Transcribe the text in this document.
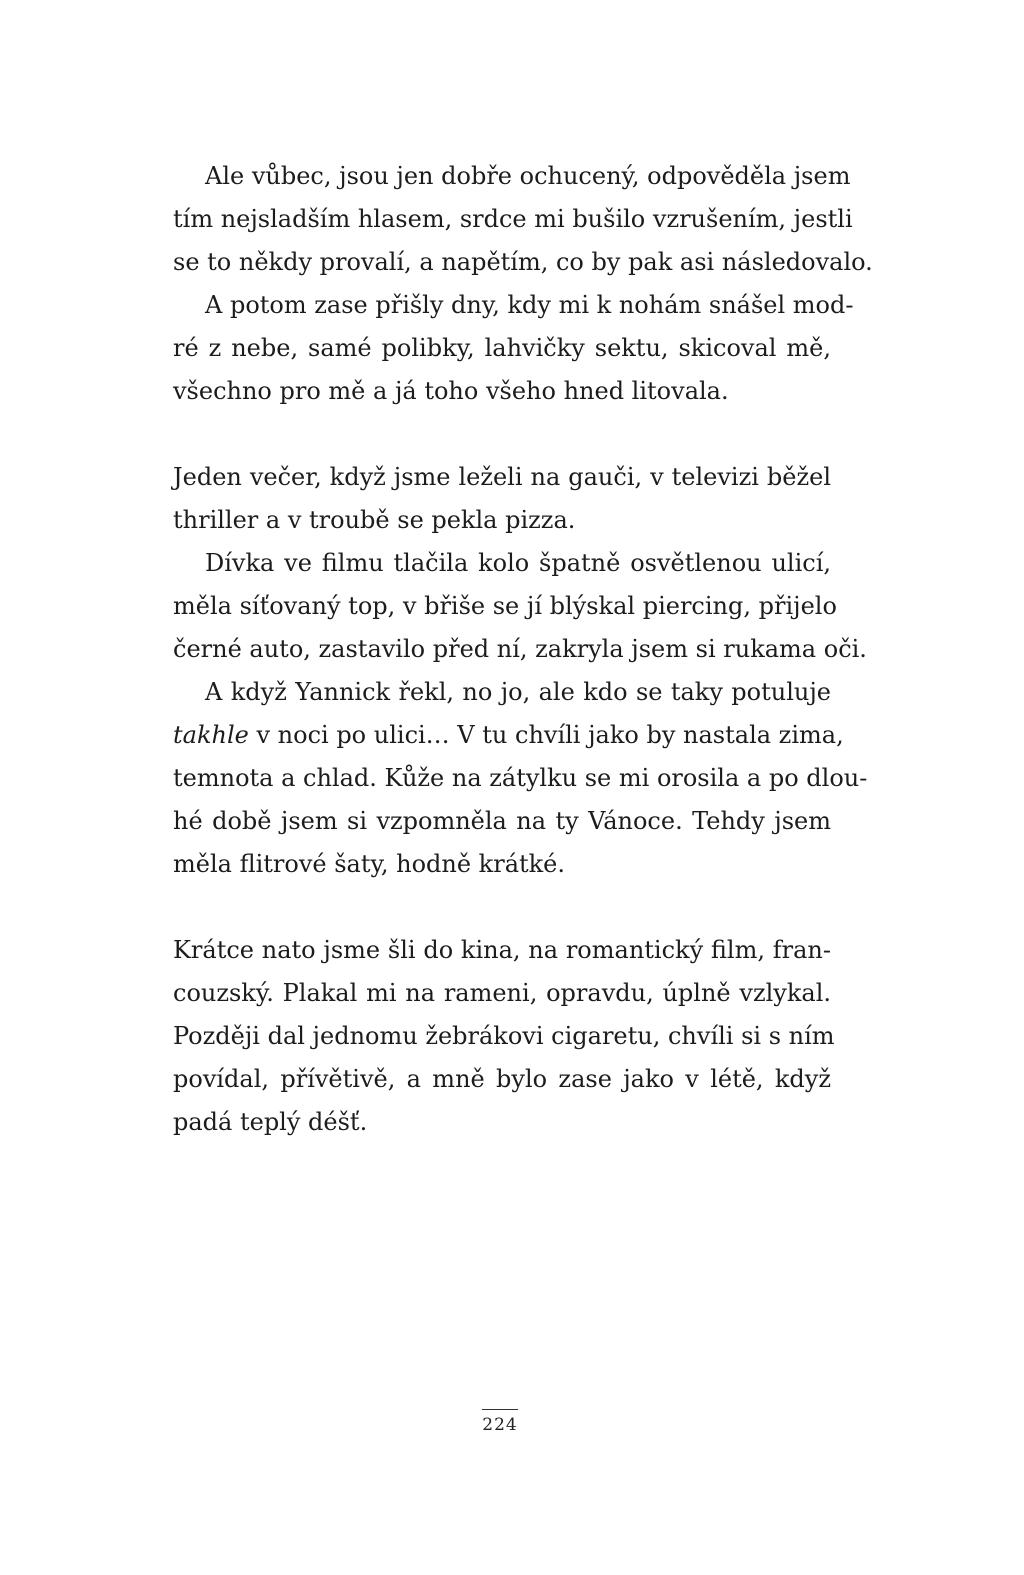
Ale vůbec, jsou jen dobře ochucený, odpověděla jsem
tím nejsladším hlasem, srdce mi bušilo vzrušením, jestli
se to někdy provalí, a napětím, co by pak asi následovalo.
A potom zase přišly dny, kdy mi k nohám snášel mod-
ré z nebe, samé polibky, lahvičky sektu, skicoval mě,
všechno pro mě a já toho všeho hned litovala.
Jeden večer, když jsme leželi na gauči, v televizi běžel
thriller a v troubě se pekla pizza.
Dívka ve filmu tlačila kolo špatně osvětlenou ulicí,
měla síťovaný top, v břiše se jí blýskal piercing, přijelo
černé auto, zastavilo před ní, zakryla jsem si rukama oči.
A když Yannick řekl, no jo, ale kdo se taky potuluje
takhle v noci po ulici… V tu chvíli jako by nastala zima,
temnota a chlad. Kůže na zátylku se mi orosila a po dlou-
hé době jsem si vzpomněla na ty Vánoce. Tehdy jsem
měla flitrové šaty, hodně krátké.
Krátce nato jsme šli do kina, na romantický film, fran-
couzský. Plakal mi na rameni, opravdu, úplně vzlykal.
Později dal jednomu žebrákovi cigaretu, chvíli si s ním
povídal, přívětivě, a mně bylo zase jako v létě, když
padá teplý déšť.
224
